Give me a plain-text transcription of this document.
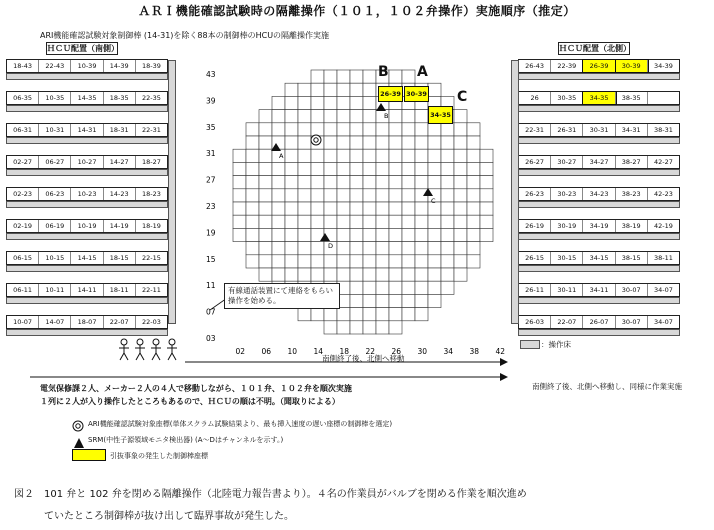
ＡＲＩ機能確認試験時の隔離操作（１０１，１０２弁操作）実施順序（推定）
ARI機能確認試験対象制御棒 (14-31)を除く88本の制御棒のHCUの隔離操作実施
ＨＣＵ配置（南側）
18-43	22-43	10-39	14-39	18-39
06-35	10-35	14-35	18-35	22-35
06-31	10-31	14-31	18-31	22-31
02-27	06-27	10-27	14-27	18-27
02-23	06-23	10-23	14-23	18-23
02-19	06-19	10-19	14-19	18-19
06-15	10-15	14-15	18-15	22-15
06-11	10-11	14-11	18-11	22-11
10-07	14-07	18-07	22-07	22-03
ＨＣＵ配置（北側）
26-43	22-39	26-39	30-39	34-39
26	30-35	34-35	38-35
22-31	26-31	30-31	34-31	38-31
26-27	30-27	34-27	38-27	42-27
26-23	30-23	34-23	38-23	42-23
26-19	30-19	34-19	38-19	42-19
26-15	30-15	34-15	38-15	38-11
26-11	30-11	34-11	30-07	34-07
26-03	22-07	26-07	30-07	34-07
43
39
35
31
27
23
19
15
11
07
03
02 06 10 14 18 22 26 30 34 38 42
A
B
C
D
B A
C
26-39 30-39
34-35
有線通話装置にて連絡をもらい操作を始める。
南側終了後、北側へ移動
南側終了後、北側へ移動し、同様に作業実施
：操作床
電気保修課２人、メーカー２人の４人で移動しながら、１０１弁、１０２弁を順次実施
１列に２人が入り操作したところもあるので、ＨＣＵの順は不明。（聞取りによる）
ARI機能確認試験対象座標(単体スクラム試験結果より、最も挿入速度の遅い座標の制御棒を選定)
SRM(中性子源領域モニタ検出器) (A～Dはチャンネルを示す。)
引抜事象の発生した制御棒座標
図２　101 弁と 102 弁を閉める隔離操作（北陸電力報告書より）。４名の作業員がバルブを閉める作業を順次進め
ていたところ制御棒が抜け出して臨界事故が発生した。
